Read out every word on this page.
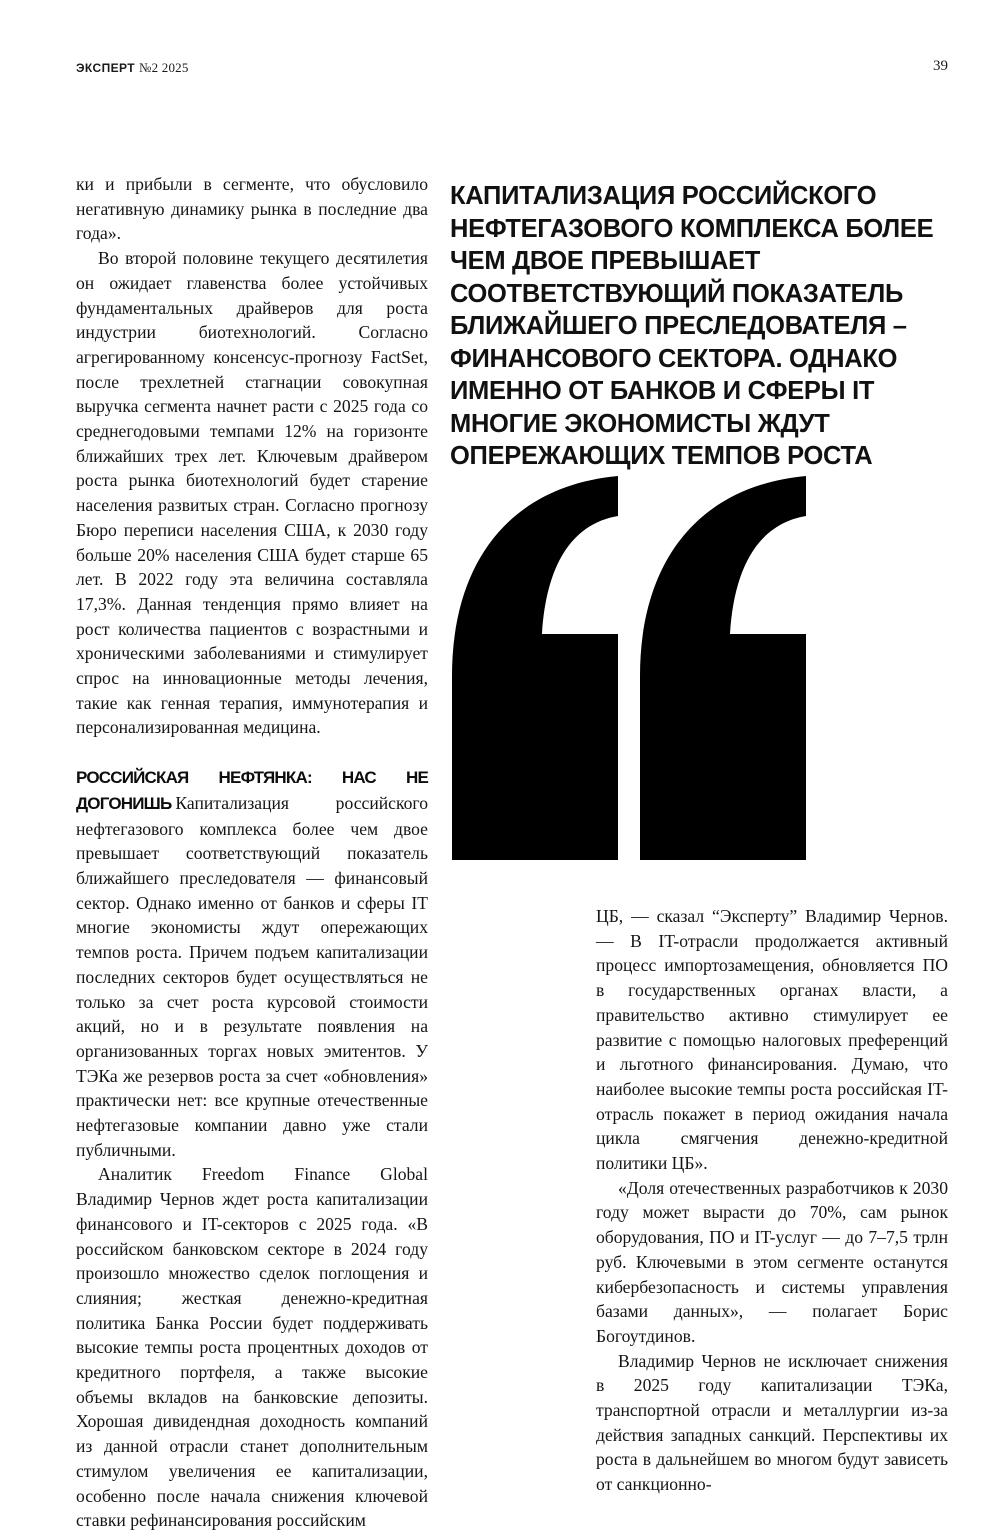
ЭКСПЕРТ №2 2025	39

ки и прибыли в сегменте, что обусловило негативную динамику рынка в последние два года».

Во второй половине текущего десятилетия он ожидает главенства более устойчивых фундаментальных драйверов для роста индустрии биотехнологий. Согласно агрегированному консенсус-прогнозу FactSet, после трехлетней стагнации совокупная выручка сегмента начнет расти с 2025 года со среднегодовыми темпами 12% на горизонте ближайших трех лет. Ключевым драйвером роста рынка биотехнологий будет старение населения развитых стран. Согласно прогнозу Бюро переписи населения США, к 2030 году больше 20% населения США будет старше 65 лет. В 2022 году эта величина составляла 17,3%. Данная тенденция прямо влияет на рост количества пациентов с возрастными и хроническими заболеваниями и стимулирует спрос на инновационные методы лечения, такие как генная терапия, иммунотерапия и персонализированная медицина.

РОССИЙСКАЯ НЕФТЯНКА: НАС НЕ ДОГОНИШЬ Капитализация российского нефтегазового комплекса более чем двое превышает соответствующий показатель ближайшего преследователя — финансовый сектор. Однако именно от банков и сферы IT многие экономисты ждут опережающих темпов роста. Причем подъем капитализации последних секторов будет осуществляться не только за счет роста курсовой стоимости акций, но и в результате появления на организованных торгах новых эмитентов. У ТЭКа же резервов роста за счет «обновления» практически нет: все крупные отечественные нефтегазовые компании давно уже стали публичными.

Аналитик Freedom Finance Global Владимир Чернов ждет роста капитализации финансового и IT-секторов с 2025 года. «В российском банковском секторе в 2024 году произошло множество сделок поглощения и слияния; жесткая денежно-кредитная политика Банка России будет поддерживать высокие темпы роста процентных доходов от кредитного портфеля, а также высокие объемы вкладов на банковские депозиты. Хорошая дивидендная доходность компаний из данной отрасли станет дополнительным стимулом увеличения ее капитализации, особенно после начала снижения ключевой ставки рефинансирования российским

КАПИТАЛИЗАЦИЯ РОССИЙСКОГО НЕФТЕГАЗОВОГО КОМПЛЕКСА БОЛЕЕ ЧЕМ ДВОЕ ПРЕВЫШАЕТ СООТВЕТСТВУЮЩИЙ ПОКАЗАТЕЛЬ БЛИЖАЙШЕГО ПРЕСЛЕДОВАТЕЛЯ – ФИНАНСОВОГО СЕКТОРА. ОДНАКО ИМЕННО ОТ БАНКОВ И СФЕРЫ IT МНОГИЕ ЭКОНОМИСТЫ ЖДУТ ОПЕРЕЖАЮЩИХ ТЕМПОВ РОСТА

ЦБ, — сказал “Эксперту” Владимир Чернов. — В IT-отрасли продолжается активный процесс импортозамещения, обновляется ПО в государственных органах власти, а правительство активно стимулирует ее развитие с помощью налоговых преференций и льготного финансирования. Думаю, что наиболее высокие темпы роста российская IT-отрасль покажет в период ожидания начала цикла смягчения денежно-кредитной политики ЦБ».

«Доля отечественных разработчиков к 2030 году может вырасти до 70%, сам рынок оборудования, ПО и IT-услуг — до 7–7,5 трлн руб. Ключевыми в этом сегменте останутся кибербезопасность и системы управления базами данных», — полагает Борис Богоутдинов.

Владимир Чернов не исключает снижения в 2025 году капитализации ТЭКа, транспортной отрасли и металлургии из-за действия западных санкций. Перспективы их роста в дальнейшем во многом будут зависеть от санкционно-
